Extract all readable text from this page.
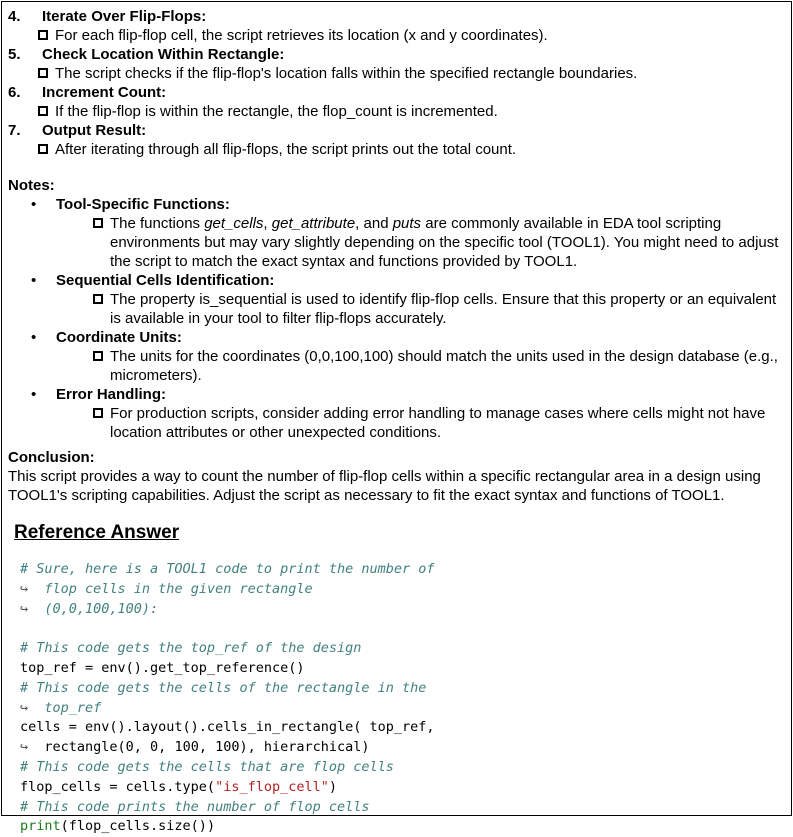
4.	Iterate Over Flip-Flops:
For each flip-flop cell, the script retrieves its location (x and y coordinates).
5.	Check Location Within Rectangle:
The script checks if the flip-flop's location falls within the specified rectangle boundaries.
6.	Increment Count:
If the flip-flop is within the rectangle, the flop_count is incremented.
7.	Output Result:
After iterating through all flip-flops, the script prints out the total count.
Notes:
•	Tool-Specific Functions:
The functions get_cells, get_attribute, and puts are commonly available in EDA tool scripting environments but may vary slightly depending on the specific tool (TOOL1). You might need to adjust the script to match the exact syntax and functions provided by TOOL1.
•	Sequential Cells Identification:
The property is_sequential is used to identify flip-flop cells. Ensure that this property or an equivalent is available in your tool to filter flip-flops accurately.
•	Coordinate Units:
The units for the coordinates (0,0,100,100) should match the units used in the design database (e.g., micrometers).
•	Error Handling:
For production scripts, consider adding error handling to manage cases where cells might not have location attributes or other unexpected conditions.
Conclusion:
This script provides a way to count the number of flip-flop cells within a specific rectangular area in a design using TOOL1's scripting capabilities. Adjust the script as necessary to fit the exact syntax and functions of TOOL1.
Reference Answer
# Sure, here is a TOOL1 code to print the number of
↪  flop cells in the given rectangle
↪  (0,0,100,100):
# This code gets the top_ref of the design
top_ref = env().get_top_reference()
# This code gets the cells of the rectangle in the
↪  top_ref
cells = env().layout().cells_in_rectangle( top_ref,
↪  rectangle(0, 0, 100, 100), hierarchical)
# This code gets the cells that are flop cells
flop_cells = cells.type("is_flop_cell")
# This code prints the number of flop cells
print(flop_cells.size())
